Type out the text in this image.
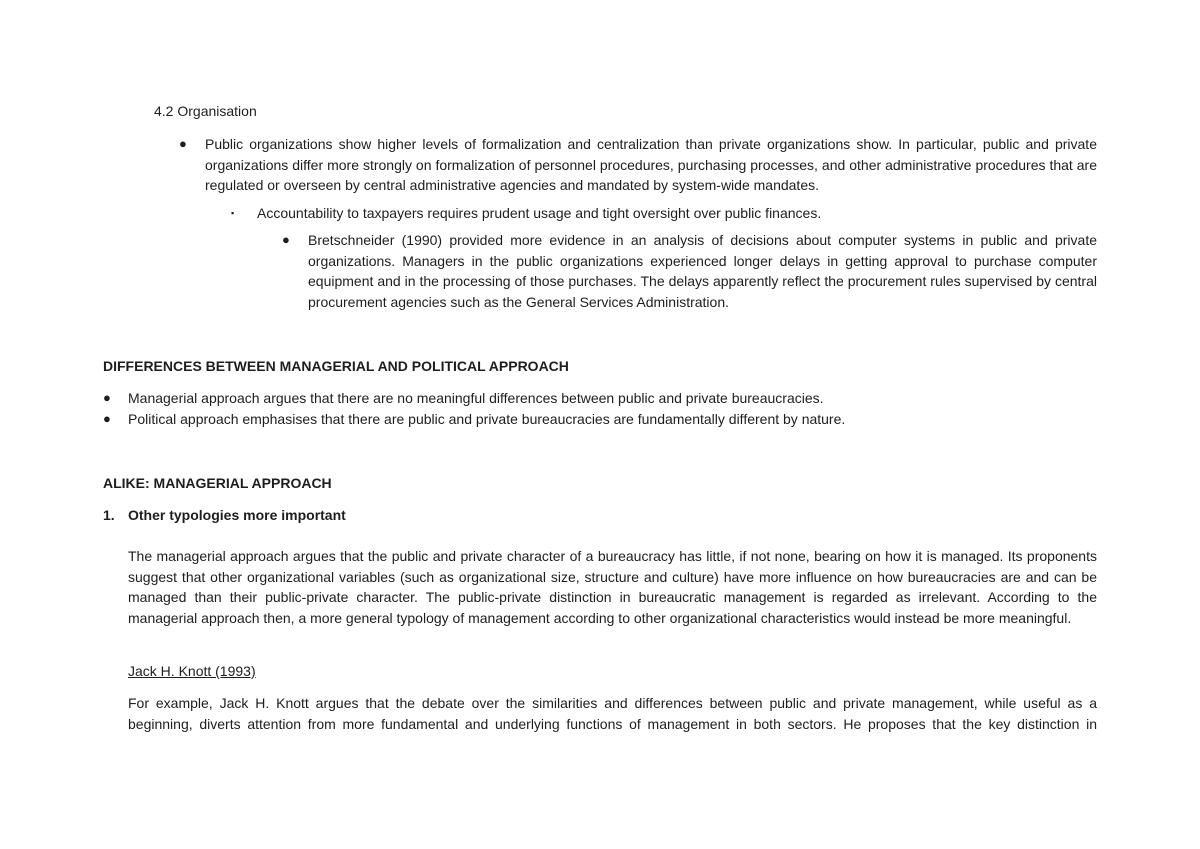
4.2 Organisation
● Public organizations show higher levels of formalization and centralization than private organizations show. In particular, public and private organizations differ more strongly on formalization of personnel procedures, purchasing processes, and other administrative procedures that are regulated or overseen by central administrative agencies and mandated by system-wide mandates.
▪ Accountability to taxpayers requires prudent usage and tight oversight over public finances.
● Bretschneider (1990) provided more evidence in an analysis of decisions about computer systems in public and private organizations. Managers in the public organizations experienced longer delays in getting approval to purchase computer equipment and in the processing of those purchases. The delays apparently reflect the procurement rules supervised by central procurement agencies such as the General Services Administration.
DIFFERENCES BETWEEN MANAGERIAL AND POLITICAL APPROACH
● Managerial approach argues that there are no meaningful differences between public and private bureaucracies.
● Political approach emphasises that there are public and private bureaucracies are fundamentally different by nature.
ALIKE: MANAGERIAL APPROACH
1. Other typologies more important
The managerial approach argues that the public and private character of a bureaucracy has little, if not none, bearing on how it is managed. Its proponents suggest that other organizational variables (such as organizational size, structure and culture) have more influence on how bureaucracies are and can be managed than their public-private character. The public-private distinction in bureaucratic management is regarded as irrelevant. According to the managerial approach then, a more general typology of management according to other organizational characteristics would instead be more meaningful.
Jack H. Knott (1993)
For example, Jack H. Knott argues that the debate over the similarities and differences between public and private management, while useful as a beginning, diverts attention from more fundamental and underlying functions of management in both sectors. He proposes that the key distinction in
